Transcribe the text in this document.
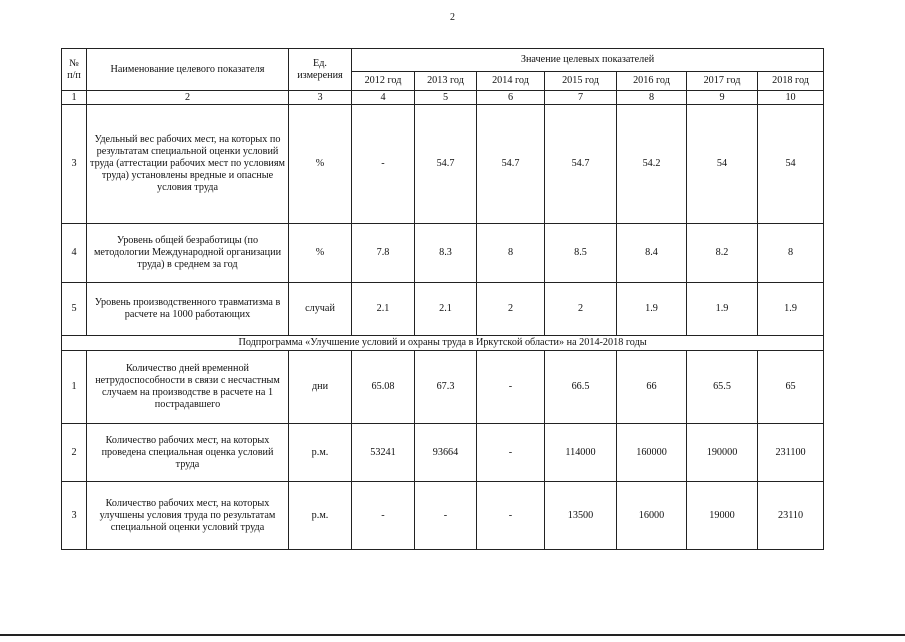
2
№ п/п	Наименование целевого показателя	Ед. измерения	Значение целевых показателей						
			2012 год	2013 год	2014 год	2015 год	2016 год	2017 год	2018 год
1	2	3	4	5	6	7	8	9	10
3	Удельный вес рабочих мест, на которых по результатам специальной оценки условий труда (аттестации рабочих мест по условиям труда) установлены вредные и опасные условия труда	%	-	54.7	54.7	54.7	54.2	54	54
4	Уровень общей безработицы (по методологии Международной организации труда) в среднем за год	%	7.8	8.3	8	8.5	8.4	8.2	8
5	Уровень производственного травматизма в расчете на 1000 работающих	случай	2.1	2.1	2	2	1.9	1.9	1.9
Подпрограмма «Улучшение условий и охраны труда в Иркутской области» на 2014-2018 годы									
1	Количество дней временной нетрудоспособности в связи с несчастным случаем на производстве в расчете на 1 пострадавшего	дни	65.08	67.3	-	66.5	66	65.5	65
2	Количество рабочих мест, на которых проведена специальная оценка условий труда	р.м.	53241	93664	-	114000	160000	190000	231100
3	Количество рабочих мест, на которых улучшены условия труда по результатам специальной оценки условий труда	р.м.	-	-	-	13500	16000	19000	23110
